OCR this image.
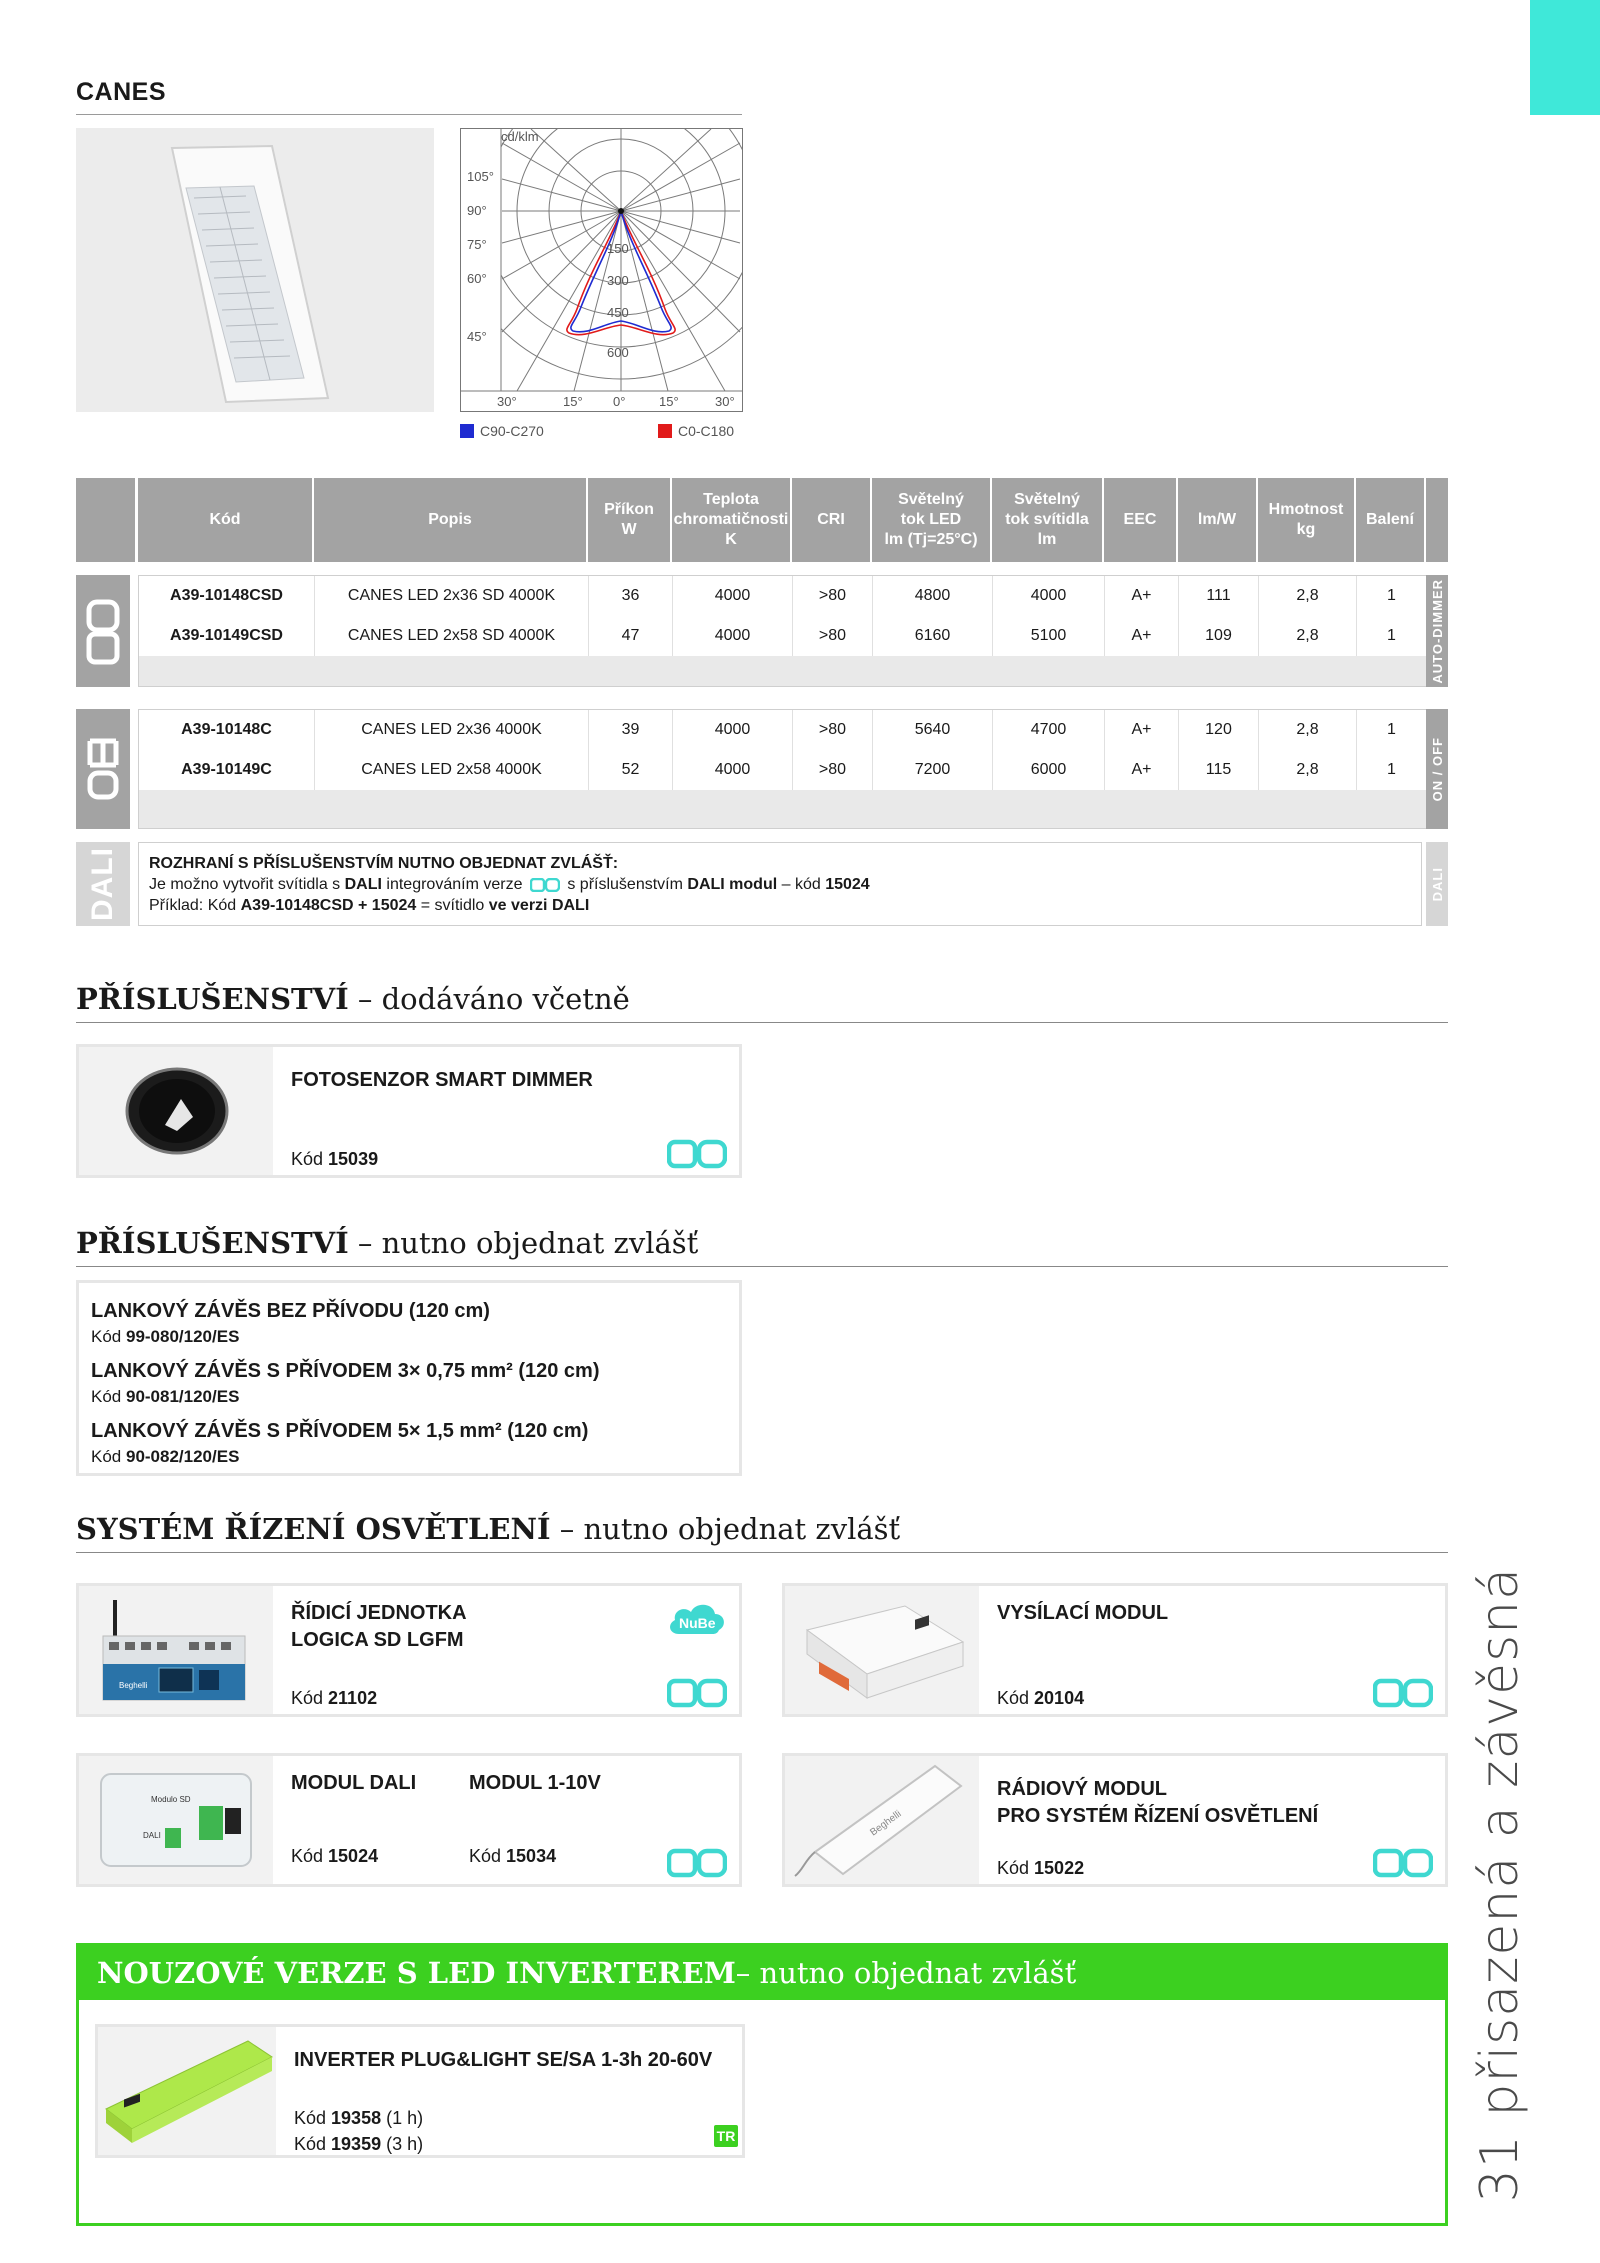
CANES
cd/klm
105°
90°
75°
60°
45°
150
300
450
600
30°	15° 0°	15°	30°
C90-C270	C0-C180
Kód	Popis
Příkon
W
Teplota
chromatičnosti
K
CRI
Světelný
tok LED
lm (Tj=25°C)
Světelný
tok svítidla
lm
EEC	lm/W
Hmotnost
kg
Balení
A39-10148CSD	CANES LED 2x36 SD 4000K	36	4000	>80	4800	4000	A+	111	2,8	1
A39-10149CSD	CANES LED 2x58 SD 4000K	47	4000	>80	6160	5100	A+	109	2,8	1	AUTO-DIMMER
A39-10148C	CANES LED 2x36 4000K	39	4000	>80	5640	4700	A+	120	2,8	1
A39-10149C	CANES LED 2x58 4000K	52	4000	>80	7200	6000	A+	115	2,8	1	ON / OFF
DALI ROZHRANÍ S PŘÍSLUŠENSTVÍM NUTNO OBJEDNAT ZVLÁŠŤ:
Je možno vytvořit svítidla s DALI integrováním verze  s příslušenstvím DALI modul – kód 15024
Příklad: Kód A39-10148CSD + 15024 = svítidlo ve verzi DALI
DALI
PŘÍSLUŠENSTVÍ – dodáváno včetně
FOTOSENZOR SMART DIMMER
Kód 15039
PŘÍSLUŠENSTVÍ – nutno objednat zvlášť
LANKOVÝ ZÁVĚS BEZ PŘÍVODU (120 cm)
Kód 99-080/120/ES
LANKOVÝ ZÁVĚS S PŘÍVODEM 3× 0,75 mm² (120 cm)
Kód 90-081/120/ES
LANKOVÝ ZÁVĚS S PŘÍVODEM 5× 1,5 mm² (120 cm)
Kód 90-082/120/ES
SYSTÉM ŘÍZENÍ OSVĚTLENÍ – nutno objednat zvlášť
Beghelli
ŘÍDICÍ JEDNOTKA
LOGICA SD LGFM
Kód 21102
NuBe	VYSÍLACÍ MODUL
Kód 20104
Modulo SD
DALI
MODUL DALI	MODUL 1-10V
Kód 15024	Kód 15034
Beghelli
RÁDIOVÝ MODUL
PRO SYSTÉM ŘÍZENÍ OSVĚTLENÍ
Kód 15022
NOUZOVÉ VERZE S LED INVERTEREM – nutno objednat zvlášť
INVERTER PLUG&LIGHT SE/SA 1-3h 20-60V
Kód 19358 (1 h)
Kód 19359 (3 h)	TR	31 přisazená a závěsná
